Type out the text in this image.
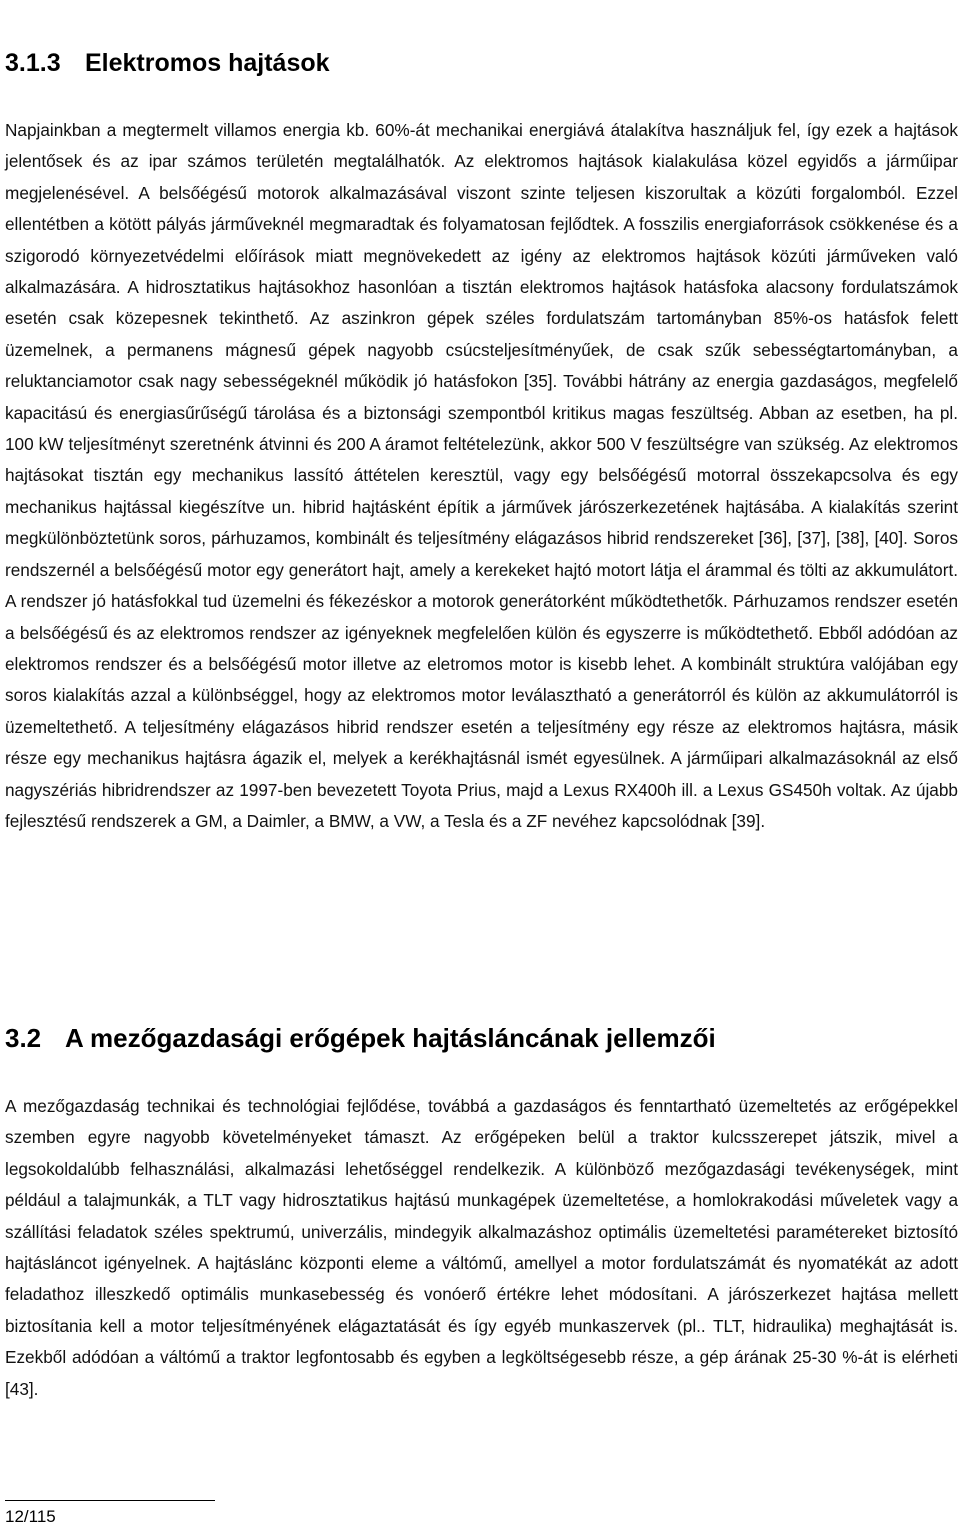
3.1.3 Elektromos hajtások

Napjainkban a megtermelt villamos energia kb. 60%-át mechanikai energiává átalakítva használjuk fel, így ezek a hajtások jelentősek és az ipar számos területén megtalálhatók. Az elektromos hajtások kialakulása közel egyidős a járműipar megjelenésével. A belsőégésű motorok alkalmazásával viszont szinte teljesen kiszorultak a közúti forgalomból. Ezzel ellentétben a kötött pályás járműveknél megmaradtak és folyamatosan fejlődtek. A fosszilis energiaforrások csökkenése és a szigorodó környezetvédelmi előírások miatt megnövekedett az igény az elektromos hajtások közúti járműveken való alkalmazására. A hidrosztatikus hajtásokhoz hasonlóan a tisztán elektromos hajtások hatásfoka alacsony fordulatszámok esetén csak közepesnek tekinthető. Az aszinkron gépek széles fordulatszám tartományban 85%-os hatásfok felett üzemelnek, a permanens mágnesű gépek nagyobb csúcsteljesítményűek, de csak szűk sebességtartományban, a reluktanciamotor csak nagy sebességeknél működik jó hatásfokon [35]. További hátrány az energia gazdaságos, megfelelő kapacitású és energiasűrűségű tárolása és a biztonsági szempontból kritikus magas feszültség. Abban az esetben, ha pl. 100 kW teljesítményt szeretnénk átvinni és 200 A áramot feltételezünk, akkor 500 V feszültségre van szükség. Az elektromos hajtásokat tisztán egy mechanikus lassító áttételen keresztül, vagy egy belsőégésű motorral összekapcsolva és egy mechanikus hajtással kiegészítve un. hibrid hajtásként építik a járművek járószerkezetének hajtásába. A kialakítás szerint megkülönböztetünk soros, párhuzamos, kombinált és teljesítmény elágazásos hibrid rendszereket [36], [37], [38], [40]. Soros rendszernél a belsőégésű motor egy generátort hajt, amely a kerekeket hajtó motort látja el árammal és tölti az akkumulátort. A rendszer jó hatásfokkal tud üzemelni és fékezéskor a motorok generátorként működtethetők. Párhuzamos rendszer esetén a belsőégésű és az elektromos rendszer az igényeknek megfelelően külön és egyszerre is működtethető. Ebből adódóan az elektromos rendszer és a belsőégésű motor illetve az eletromos motor is kisebb lehet. A kombinált struktúra valójában egy soros kialakítás azzal a különbséggel, hogy az elektromos motor leválasztható a generátorról és külön az akkumulátorról is üzemeltethető. A teljesítmény elágazásos hibrid rendszer esetén a teljesítmény egy része az elektromos hajtásra, másik része egy mechanikus hajtásra ágazik el, melyek a kerékhajtásnál ismét egyesülnek. A járműipari alkalmazásoknál az első nagyszériás hibridrendszer az 1997-ben bevezetett Toyota Prius, majd a Lexus RX400h ill. a Lexus GS450h voltak. Az újabb fejlesztésű rendszerek a GM, a Daimler, a BMW, a VW, a Tesla és a ZF nevéhez kapcsolódnak [39].

3.2 A mezőgazdasági erőgépek hajtásláncának jellemzői

A mezőgazdaság technikai és technológiai fejlődése, továbbá a gazdaságos és fenntartható üzemeltetés az erőgépekkel szemben egyre nagyobb követelményeket támaszt. Az erőgépeken belül a traktor kulcsszerepet játszik, mivel a legsokoldalúbb felhasználási, alkalmazási lehetőséggel rendelkezik. A különböző mezőgazdasági tevékenységek, mint például a talajmunkák, a TLT vagy hidrosztatikus hajtású munkagépek üzemeltetése, a homlokrakodási műveletek vagy a szállítási feladatok széles spektrumú, univerzális, mindegyik alkalmazáshoz optimális üzemeltetési paramétereket biztosító hajtásláncot igényelnek. A hajtáslánc központi eleme a váltómű, amellyel a motor fordulatszámát és nyomatékát az adott feladathoz illeszkedő optimális munkasebesség és vonóerő értékre lehet módosítani. A járószerkezet hajtása mellett biztosítania kell a motor teljesítményének elágaztatását és így egyéb munkaszervek (pl.. TLT, hidraulika) meghajtását is. Ezekből adódóan a váltómű a traktor legfontosabb és egyben a legköltségesebb része, a gép árának 25-30 %-át is elérheti [43].

12/115
